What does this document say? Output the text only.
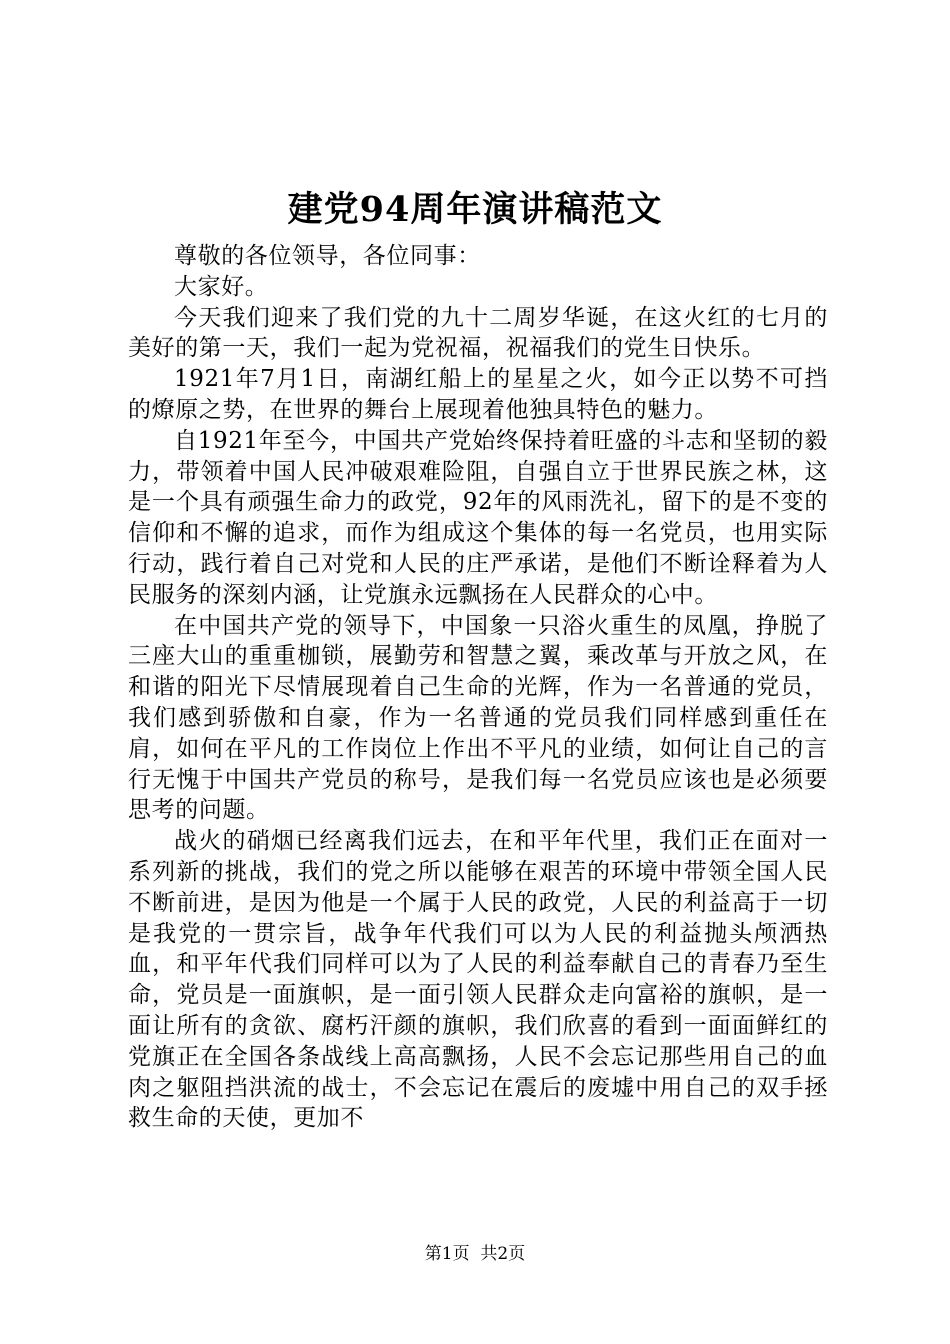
建党94周年演讲稿范文

尊敬的各位领导，各位同事：

大家好。

今天我们迎来了我们党的九十二周岁华诞，在这火红的七月的美好的第一天，我们一起为党祝福，祝福我们的党生日快乐。

1921年7月1日，南湖红船上的星星之火，如今正以势不可挡的燎原之势，在世界的舞台上展现着他独具特色的魅力。

自1921年至今，中国共产党始终保持着旺盛的斗志和坚韧的毅力，带领着中国人民冲破艰难险阻，自强自立于世界民族之林，这是一个具有顽强生命力的政党，92年的风雨洗礼，留下的是不变的信仰和不懈的追求，而作为组成这个集体的每一名党员，也用实际行动，践行着自己对党和人民的庄严承诺，是他们不断诠释着为人民服务的深刻内涵，让党旗永远飘扬在人民群众的心中。

在中国共产党的领导下，中国象一只浴火重生的凤凰，挣脱了三座大山的重重枷锁，展勤劳和智慧之翼，乘改革与开放之风，在和谐的阳光下尽情展现着自己生命的光辉，作为一名普通的党员，我们感到骄傲和自豪，作为一名普通的党员我们同样感到重任在肩，如何在平凡的工作岗位上作出不平凡的业绩，如何让自己的言行无愧于中国共产党员的称号，是我们每一名党员应该也是必须要思考的问题。

战火的硝烟已经离我们远去，在和平年代里，我们正在面对一系列新的挑战，我们的党之所以能够在艰苦的环境中带领全国人民不断前进，是因为他是一个属于人民的政党，人民的利益高于一切是我党的一贯宗旨，战争年代我们可以为人民的利益抛头颅洒热血，和平年代我们同样可以为了人民的利益奉献自己的青春乃至生命，党员是一面旗帜，是一面引领人民群众走向富裕的旗帜，是一面让所有的贪欲、腐朽汗颜的旗帜，我们欣喜的看到一面面鲜红的党旗正在全国各条战线上高高飘扬，人民不会忘记那些用自己的血肉之躯阻挡洪流的战士，不会忘记在震后的废墟中用自己的双手拯救生命的天使，更加不

第1页 共2页
